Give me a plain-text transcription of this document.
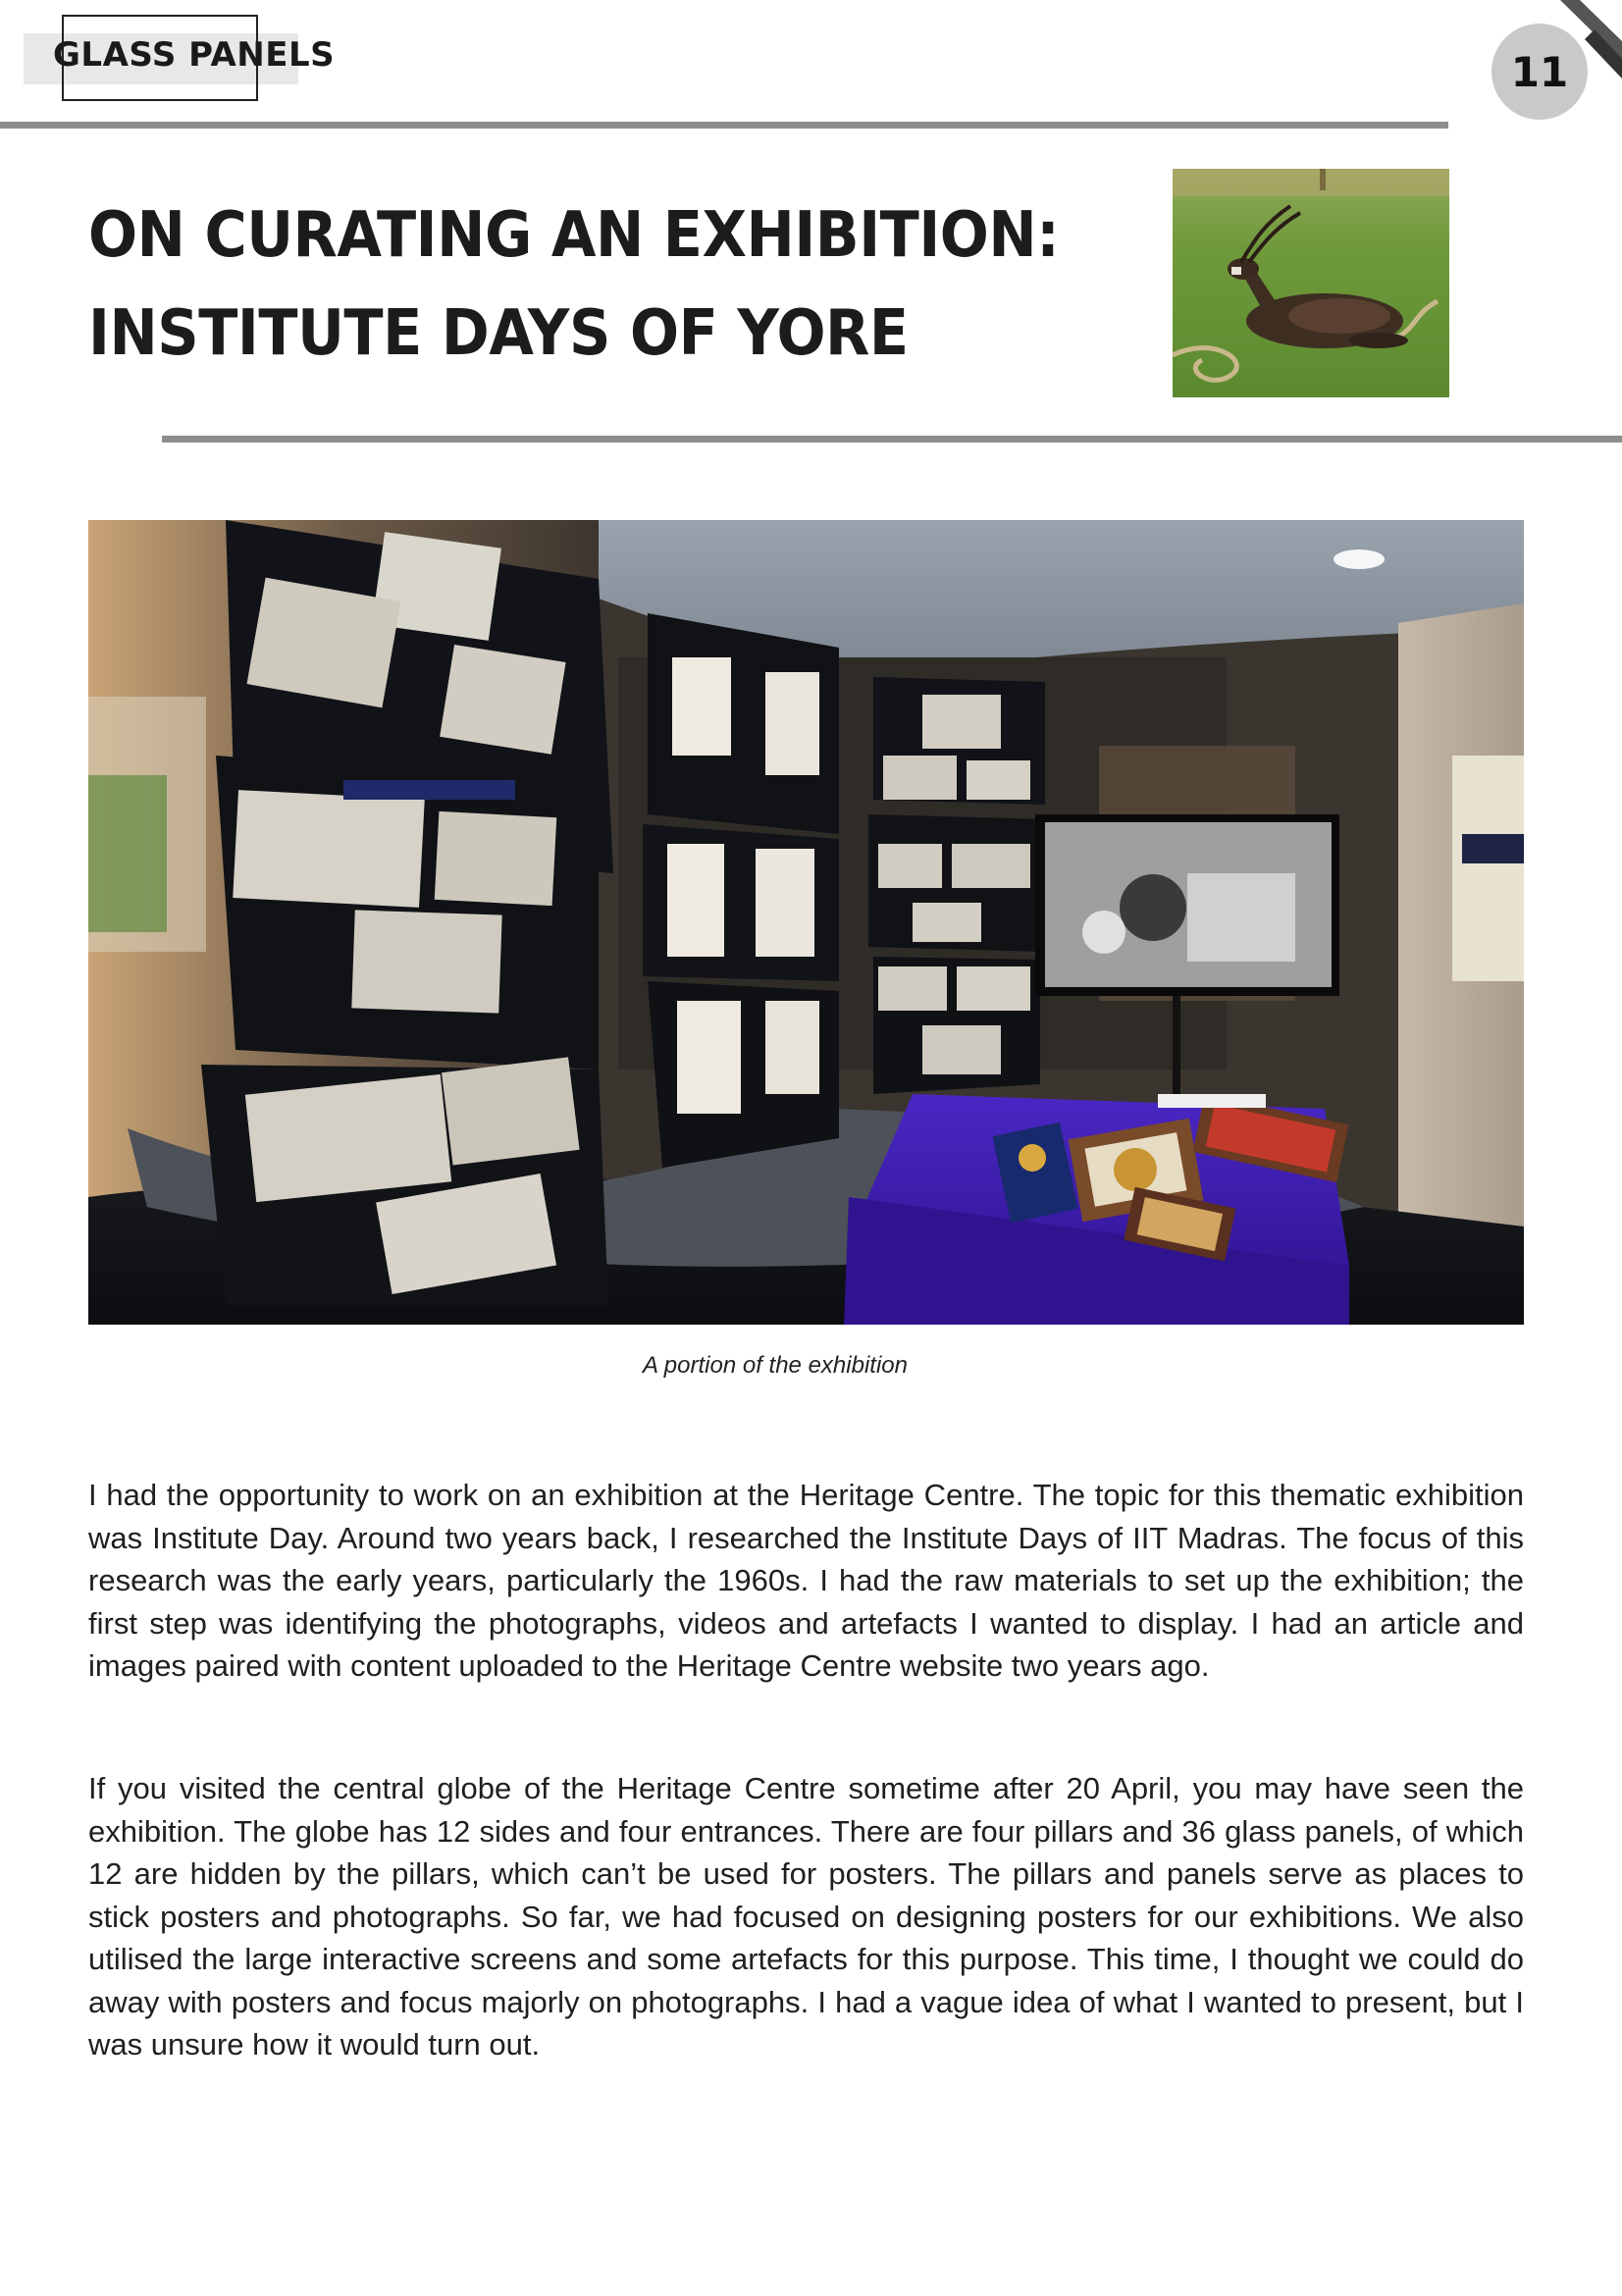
GLASS PANELS	11
ON CURATING AN EXHIBITION:
INSTITUTE DAYS OF YORE
A portion of the exhibition

I had the opportunity to work on an exhibition at the Heritage Centre. The topic for this thematic exhibition was Institute Day. Around two years back, I researched the Institute Days of IIT Madras. The focus of this research was the early years, particularly the 1960s. I had the raw materials to set up the exhibition; the first step was identifying the photographs, videos and artefacts I wanted to display. I had an article and images paired with content uploaded to the Heritage Centre website two years ago.

If you visited the central globe of the Heritage Centre sometime after 20 April, you may have seen the exhibition. The globe has 12 sides and four entrances. There are four pillars and 36 glass panels, of which 12 are hidden by the pillars, which can’t be used for posters. The pillars and panels serve as places to stick posters and photographs. So far, we had focused on designing posters for our exhibitions. We also utilised the large interactive screens and some artefacts for this purpose. This time, I thought we could do away with posters and focus majorly on photographs. I had a vague idea of what I wanted to present, but I was unsure how it would turn out.
